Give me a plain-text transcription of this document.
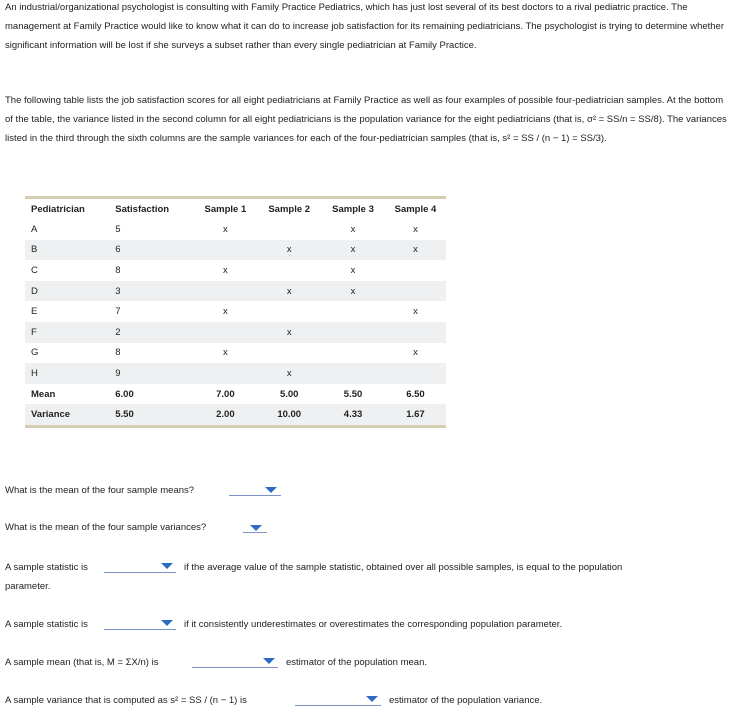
An industrial/organizational psychologist is consulting with Family Practice Pediatrics, which has just lost several of its best doctors to a rival pediatric practice. The management at Family Practice would like to know what it can do to increase job satisfaction for its remaining pediatricians. The psychologist is trying to determine whether significant information will be lost if she surveys a subset rather than every single pediatrician at Family Practice.

The following table lists the job satisfaction scores for all eight pediatricians at Family Practice as well as four examples of possible four-pediatrician samples. At the bottom of the table, the variance listed in the second column for all eight pediatricians is the population variance for the eight pediatricians (that is, σ² = SS/n = SS/8). The variances listed in the third through the sixth columns are the sample variances for each of the four-pediatrician samples (that is, s² = SS / (n − 1) = SS/3).

Pediatrician	Satisfaction	Sample 1	Sample 2	Sample 3	Sample 4
A	5	x		x	x
B	6		x	x	x
C	8	x		x	
D	3		x	x	
E	7	x			x
F	2		x		
G	8	x			x
H	9		x		
Mean	6.00	7.00	5.00	5.50	6.50
Variance	5.50	2.00	10.00	4.33	1.67
What is the mean of the four sample means?
What is the mean of the four sample variances?
A sample statistic is	if the average value of the sample statistic, obtained over all possible samples, is equal to the population
parameter.
A sample statistic is	if it consistently underestimates or overestimates the corresponding population parameter.
A sample mean (that is, M = ΣX/n) is	estimator of the population mean.
A sample variance that is computed as s² = SS / (n − 1) is	estimator of the population variance.
